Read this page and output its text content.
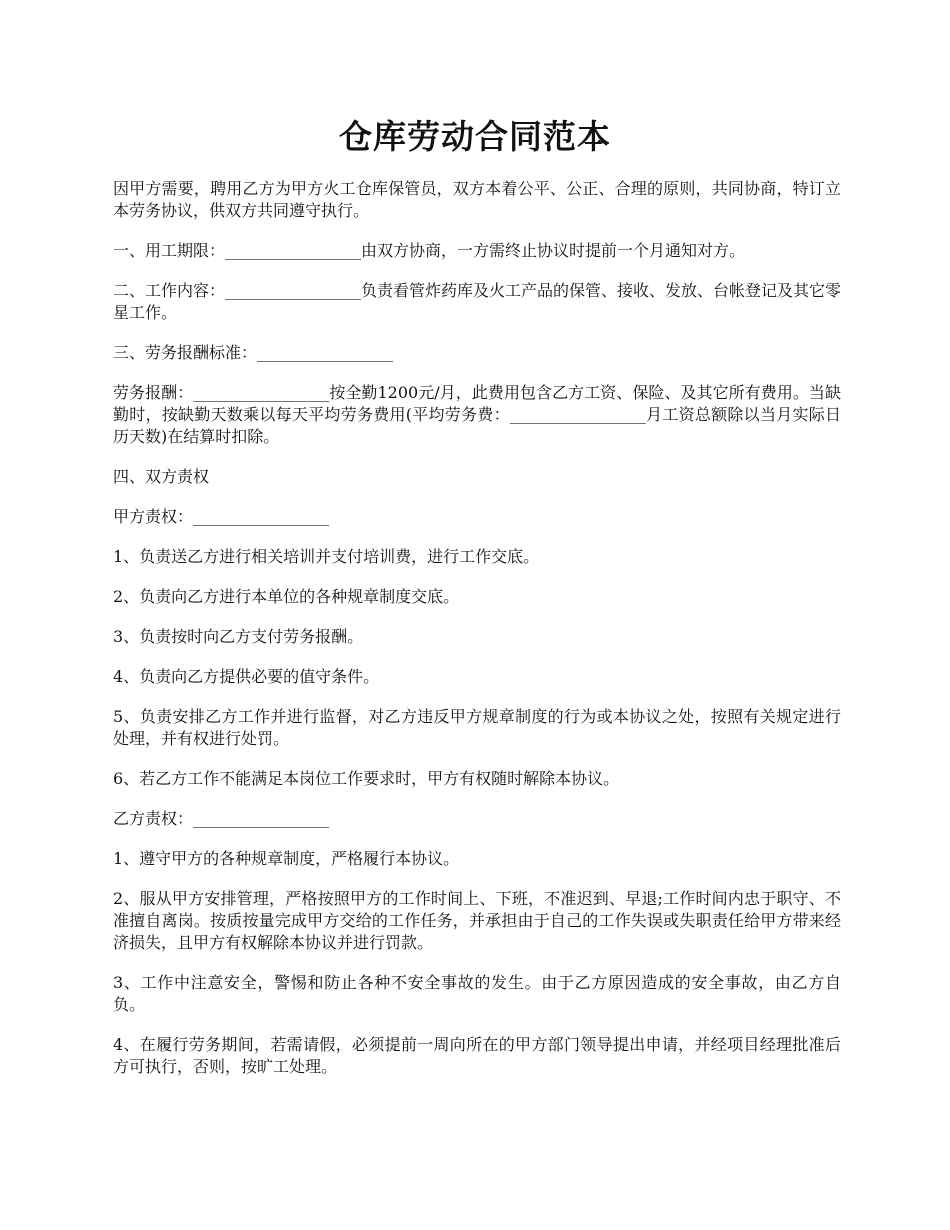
仓库劳动合同范本

因甲方需要，聘用乙方为甲方火工仓库保管员，双方本着公平、公正、合理的原则，共同协商，特订立本劳务协议，供双方共同遵守执行。

一、用工期限：_________________由双方协商，一方需终止协议时提前一个月通知对方。

二、工作内容：_________________负责看管炸药库及火工产品的保管、接收、发放、台帐登记及其它零星工作。

三、劳务报酬标准：_________________

劳务报酬：_________________按全勤1200元/月，此费用包含乙方工资、保险、及其它所有费用。当缺勤时，按缺勤天数乘以每天平均劳务费用(平均劳务费：_________________月工资总额除以当月实际日历天数)在结算时扣除。

四、双方责权

甲方责权：_________________

1、负责送乙方进行相关培训并支付培训费，进行工作交底。

2、负责向乙方进行本单位的各种规章制度交底。

3、负责按时向乙方支付劳务报酬。

4、负责向乙方提供必要的值守条件。

5、负责安排乙方工作并进行监督，对乙方违反甲方规章制度的行为或本协议之处，按照有关规定进行处理，并有权进行处罚。

6、若乙方工作不能满足本岗位工作要求时，甲方有权随时解除本协议。

乙方责权：_________________

1、遵守甲方的各种规章制度，严格履行本协议。

2、服从甲方安排管理，严格按照甲方的工作时间上、下班，不准迟到、早退;工作时间内忠于职守、不准擅自离岗。按质按量完成甲方交给的工作任务，并承担由于自己的工作失误或失职责任给甲方带来经济损失，且甲方有权解除本协议并进行罚款。

3、工作中注意安全，警惕和防止各种不安全事故的发生。由于乙方原因造成的安全事故，由乙方自负。

4、在履行劳务期间，若需请假，必须提前一周向所在的甲方部门领导提出申请，并经项目经理批准后方可执行，否则，按旷工处理。
